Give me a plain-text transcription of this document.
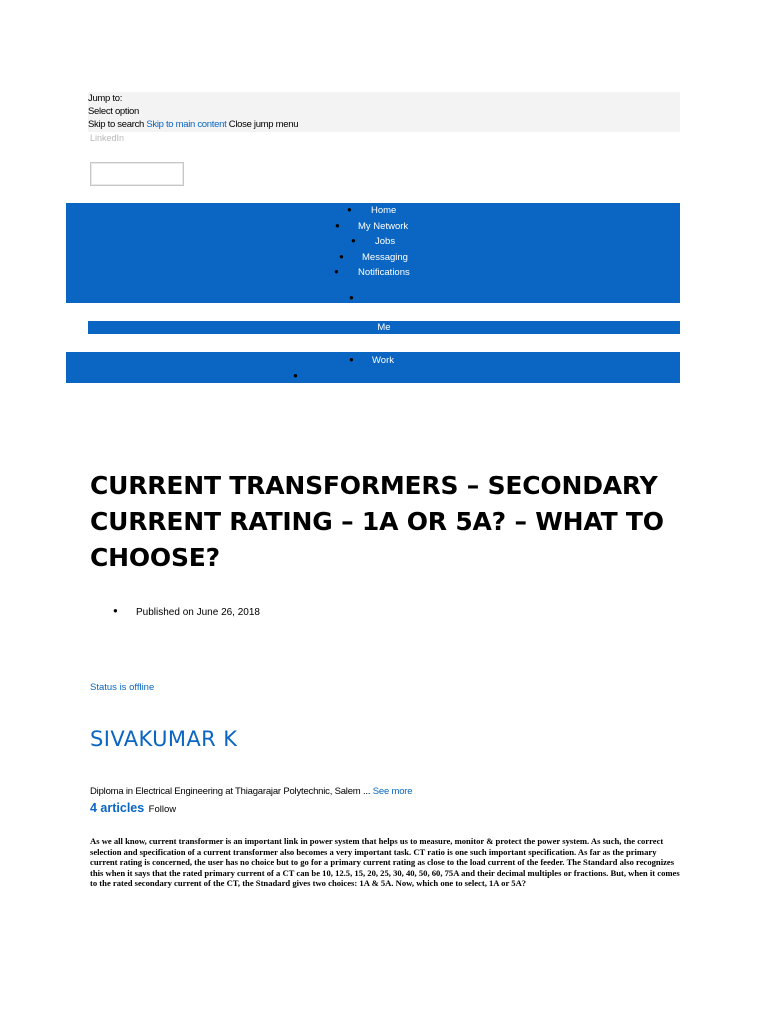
Jump to:
Select option
Skip to search Skip to main content Close jump menu
LinkedIn
● Home
● My Network
● Jobs
● Messaging
● Notifications
●
Me
● Work
●
CURRENT TRANSFORMERS – SECONDARY CURRENT RATING – 1A OR 5A? – WHAT TO CHOOSE?
● Published on June 26, 2018
Status is offline
SIVAKUMAR K
Diploma in Electrical Engineering at Thiagarajar Polytechnic, Salem ... See more
4 articles Follow
As we all know, current transformer is an important link in power system that helps us to measure, monitor & protect the power system. As such, the correct selection and specification of a current transformer also becomes a very important task. CT ratio is one such important specification. As far as the primary current rating is concerned, the user has no choice but to go for a primary current rating as close to the load current of the feeder. The Standard also recognizes this when it says that the rated primary current of a CT can be 10, 12.5, 15, 20, 25, 30, 40, 50, 60, 75A and their decimal multiples or fractions. But, when it comes to the rated secondary current of the CT, the Stnadard gives two choices: 1A & 5A. Now, which one to select, 1A or 5A?
